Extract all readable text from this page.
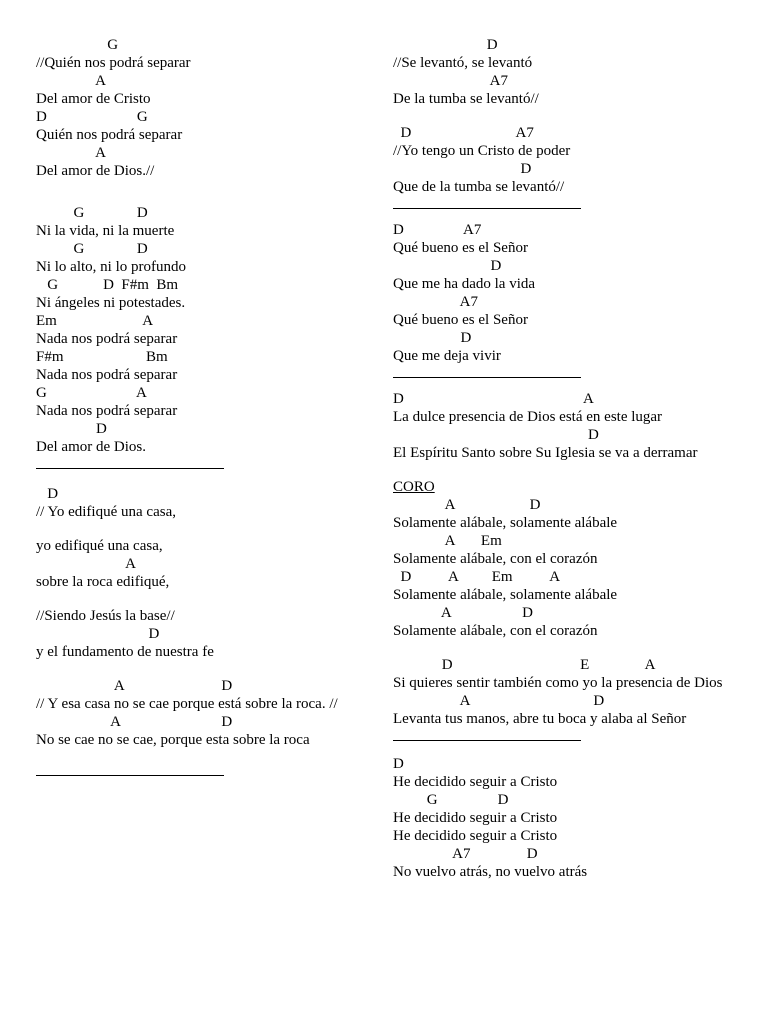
G
//Quién nos podrá separar
A
Del amor de Cristo
D                        G
Quién nos podrá separar
A
Del amor de Dios.//
G              D
Ni la vida, ni la muerte
G              D
Ni lo alto, ni lo profundo
G            D  F#m  Bm
Ni ángeles ni potestades.
Em                       A
Nada nos podrá separar
F#m                      Bm
Nada nos podrá separar
G                        A
Nada nos podrá separar
D
Del amor de Dios.
D
// Yo edifiqué una casa,
yo edifiqué una casa,
A
sobre la roca edifiqué,
//Siendo Jesús la base//
D
y el fundamento de nuestra fe
A                          D
// Y esa casa no se cae porque está sobre la roca. //
A                           D
No se cae no se cae, porque esta sobre la roca
D
//Se levantó, se levantó
A7
De la tumba se levantó//
D                            A7
//Yo tengo un Cristo de poder
D
Que de la tumba se levantó//
D                A7
Qué bueno es el Señor
D
Que me ha dado la vida
A7
Qué bueno es el Señor
D
Que me deja vivir
D                                                A
La dulce presencia de Dios está en este lugar
D
El Espíritu Santo sobre Su Iglesia se va a derramar
CORO
A                    D
Solamente alábale, solamente alábale
A       Em
Solamente alábale, con el corazón
D          A         Em          A
Solamente alábale, solamente alábale
A                   D
Solamente alábale, con el corazón
D                                  E               A
Si quieres sentir también como yo la presencia de Dios
A                                 D
Levanta tus manos, abre tu boca y alaba al Señor
D
He decidido seguir a Cristo
G                D
He decidido seguir a Cristo
He decidido seguir a Cristo
A7               D
No vuelvo atrás, no vuelvo atrás
